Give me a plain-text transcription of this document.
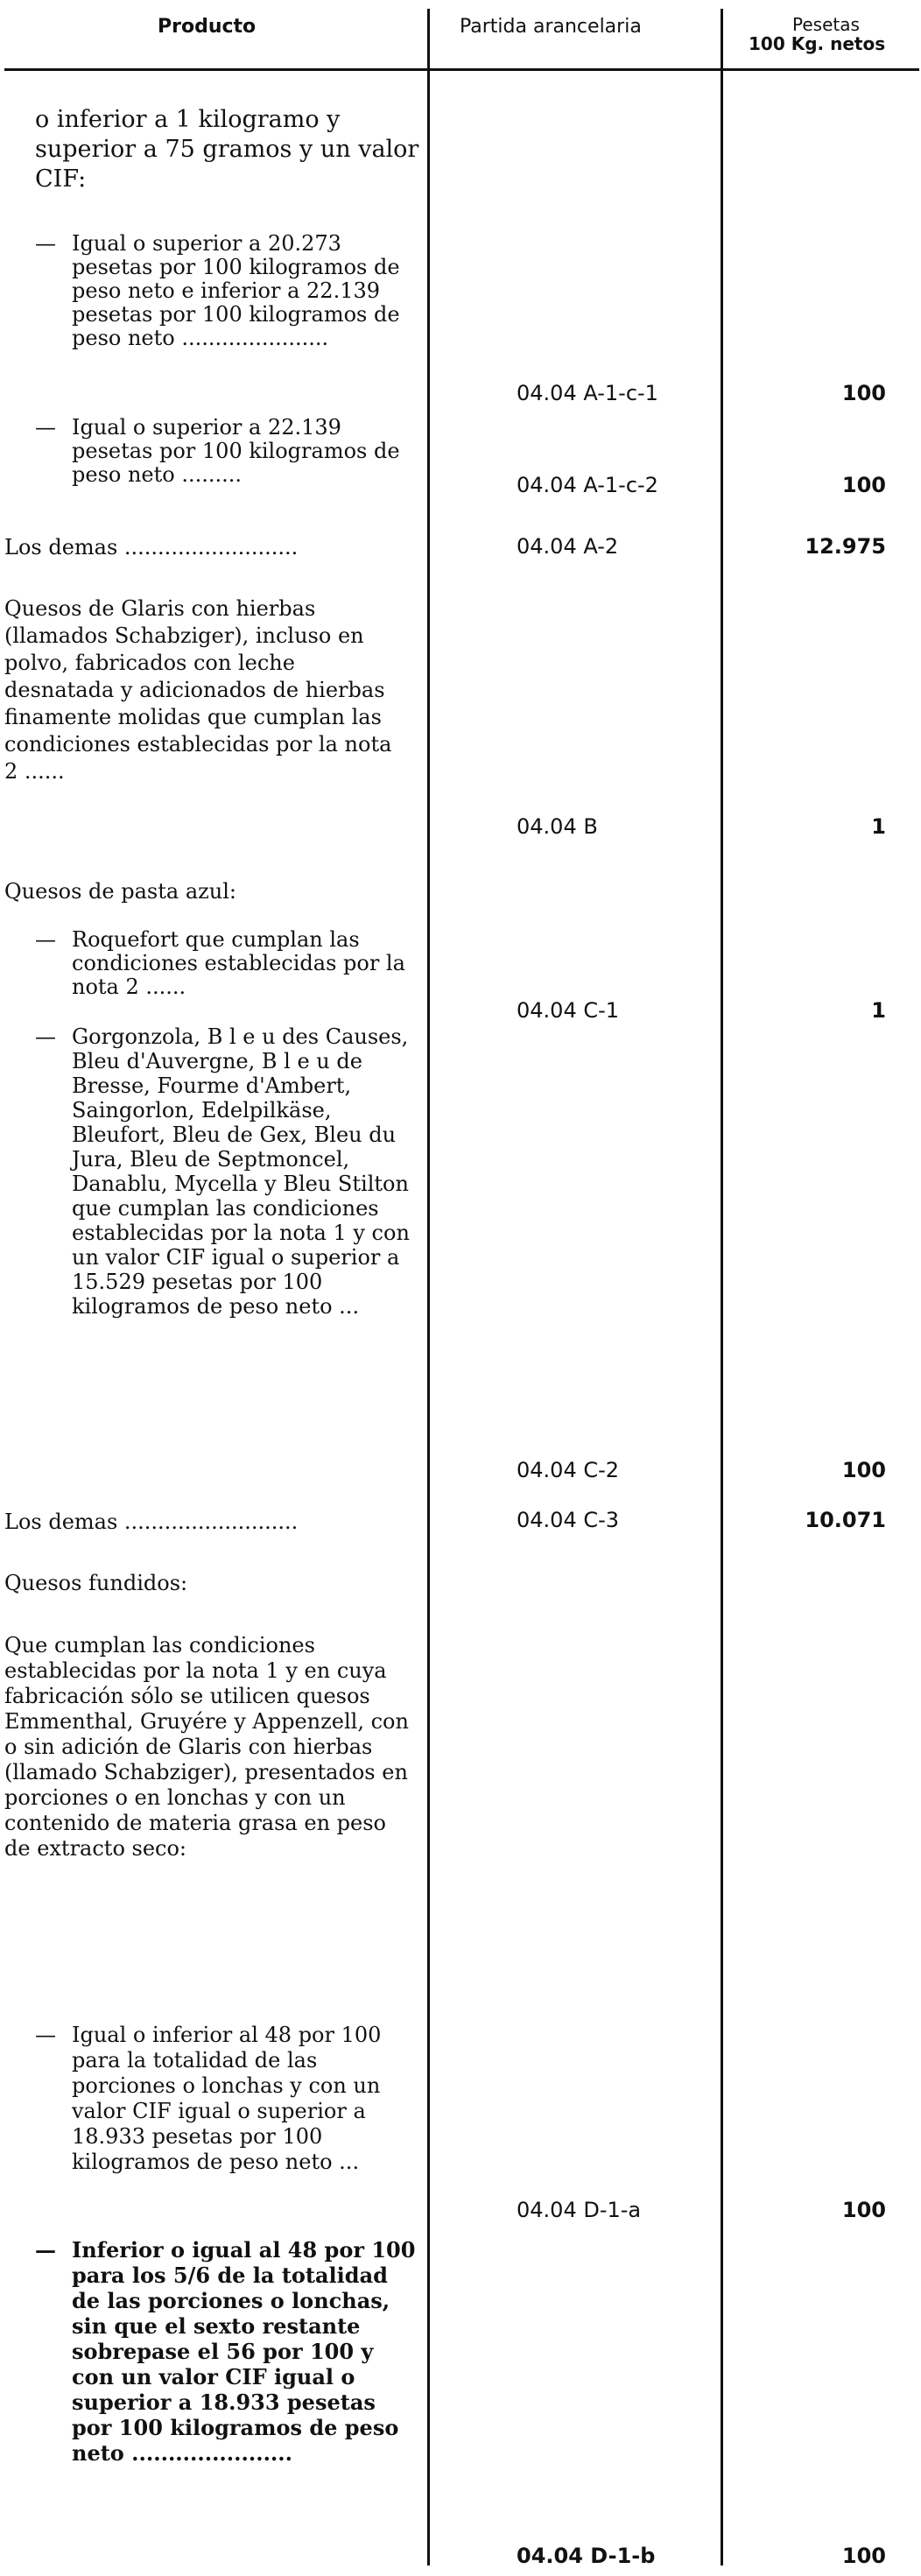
Producto	Partida arancelaria	Pesetas
100 Kg. netos
o inferior a 1 kilogramo y superior a 75 gramos y un valor CIF:
— Igual o superior a 20.273 pesetas por 100 kilogramos de peso neto e inferior a 22.139 pesetas por 100 kilogramos de peso neto ......................
04.04 A-1-c-1	100
— Igual o superior a 22.139 pesetas por 100 kilogramos de peso neto .........	04.04 A-1-c-2	100
Los demas ..........................	04.04 A-2	12.975

Quesos de Glaris con hierbas (llamados Schabziger), incluso en polvo, fabricados con leche desnatada y adicionados de hierbas finamente molidas que cumplan las condiciones establecidas por la nota 2 ......

04.04 B	1
Quesos de pasta azul:
— Roquefort que cumplan las condiciones establecidas por la nota 2 ......
04.04 C-1	1
— Gorgonzola, B l e u des Causes, Bleu d'Auvergne, B l e u de Bresse, Fourme d'Ambert, Saingorlon, Edelpilkäse, Bleufort, Bleu de Gex, Bleu du Jura, Bleu de Septmoncel, Danablu, Mycella y Bleu Stilton que cumplan las condiciones establecidas por la nota 1 y con un valor CIF igual o superior a 15.529 pesetas por 100 kilogramos de peso neto ...
04.04 C-2	100
Los demas ..........................	04.04 C-3	10.071
Quesos fundidos:
Que cumplan las condiciones establecidas por la nota 1 y en cuya fabricación sólo se utilicen quesos Emmenthal, Gruyére y Appenzell, con o sin adición de Glaris con hierbas (llamado Schabziger), presentados en porciones o en lonchas y con un contenido de materia grasa en peso de extracto seco:
— Igual o inferior al 48 por 100 para la totalidad de las porciones o lonchas y con un valor CIF igual o superior a 18.933 pesetas por 100 kilogramos de peso neto ...
04.04 D-1-a	100
— Inferior o igual al 48 por 100 para los 5/6 de la totalidad de las porciones o lonchas, sin que el sexto restante sobrepase el 56 por 100 y con un valor CIF igual o superior a 18.933 pesetas por 100 kilogramos de peso neto ......................
04.04 D-1-b	100
